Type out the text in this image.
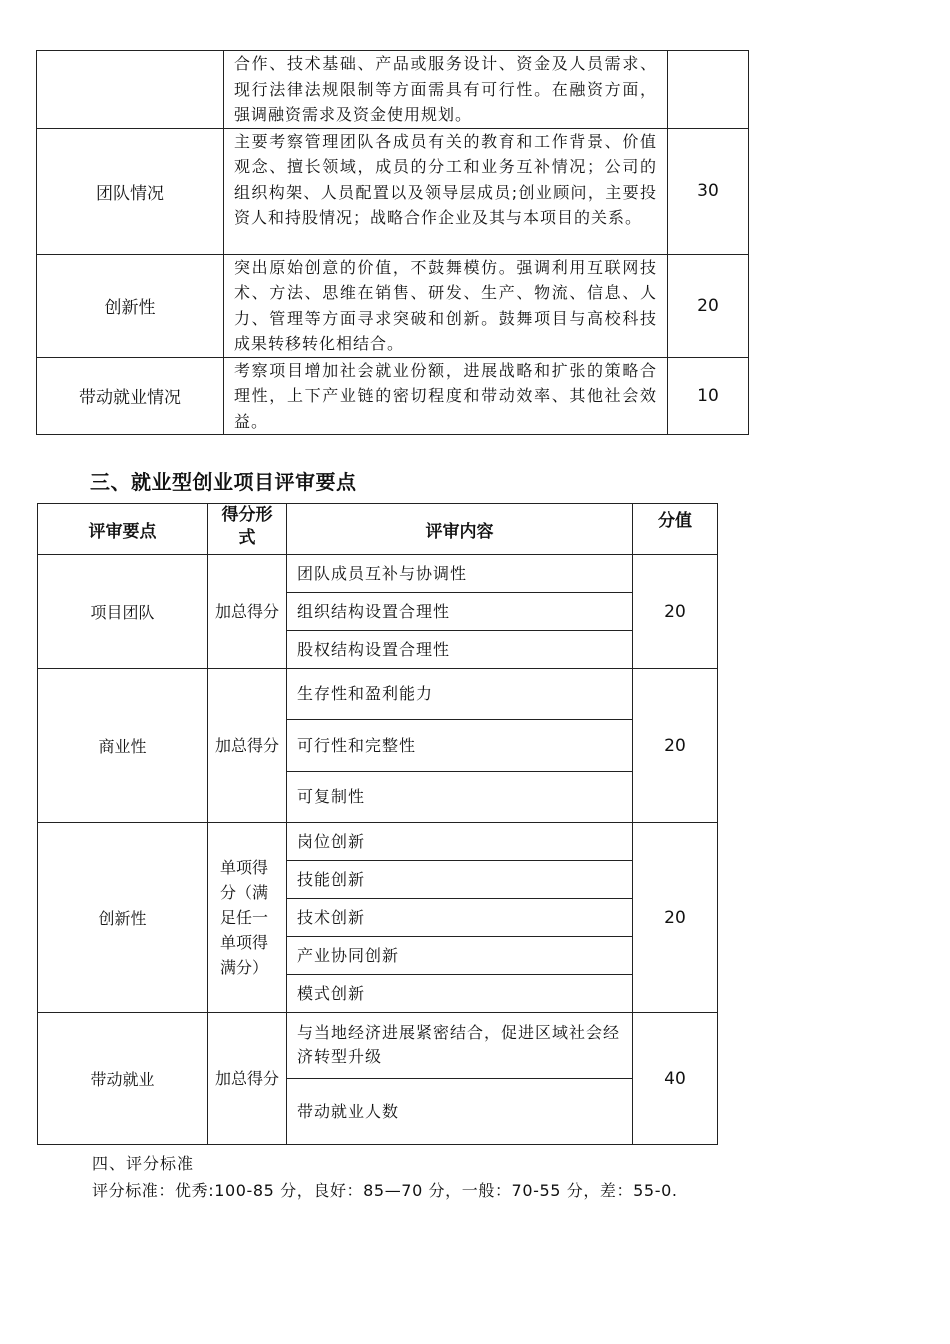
	合作、技术基础、产品或服务设计、资金及人员需求、现行法律法规限制等方面需具有可行性。在融资方面，强调融资需求及资金使用规划。	
团队情况	主要考察管理团队各成员有关的教育和工作背景、价值观念、擅长领域，成员的分工和业务互补情况；公司的组织构架、人员配置以及领导层成员;创业顾问，主要投资人和持股情况；战略合作企业及其与本项目的关系。	30
创新性	突出原始创意的价值，不鼓舞模仿。强调利用互联网技术、方法、思维在销售、研发、生产、物流、信息、人力、管理等方面寻求突破和创新。鼓舞项目与高校科技成果转移转化相结合。	20
带动就业情况	考察项目增加社会就业份额，进展战略和扩张的策略合理性，上下产业链的密切程度和带动效率、其他社会效益。	10
三、就业型创业项目评审要点
评审要点	得分形式	评审内容	分值
项目团队	加总得分	团队成员互补与协调性	20
		组织结构设置合理性	
		股权结构设置合理性	
商业性	加总得分	生存性和盈利能力	20
		可行性和完整性	
		可复制性	
创新性	单项得分（满足任一单项得满分）	岗位创新	20
		技能创新	
		技术创新	
		产业协同创新	
		模式创新	
带动就业	加总得分	与当地经济进展紧密结合，促进区域社会经济转型升级	40
		带动就业人数	
四、评分标准
评分标准：优秀:100-85 分，良好：85—70 分，一般：70-55 分，差：55-0.
